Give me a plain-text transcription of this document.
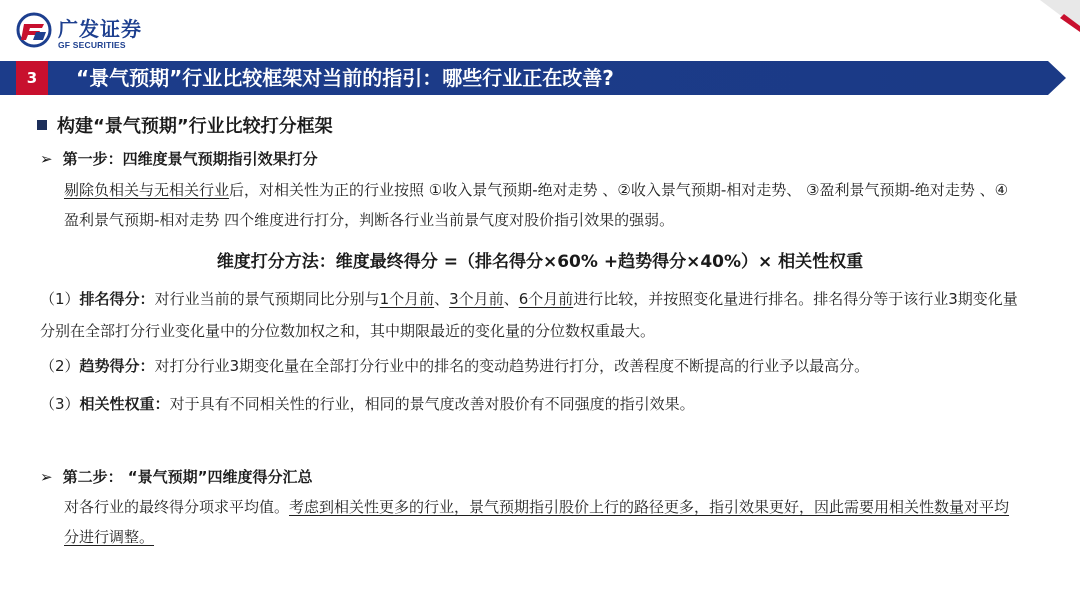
广发证券
GF SECURITIES
3	“景气预期”行业比较框架对当前的指引：哪些行业正在改善?
构建“景气预期”行业比较打分框架
➢ 第一步：四维度景气预期指引效果打分
剔除负相关与无相关行业后，对相关性为正的行业按照 ①收入景气预期-绝对走势 、②收入景气预期-相对走势、 ③盈利景气预期-绝对走势 、④盈利景气预期-相对走势 四个维度进行打分，判断各行业当前景气度对股价指引效果的强弱。
维度打分方法：维度最终得分 =（排名得分×60% +趋势得分×40%）× 相关性权重
（1）排名得分：对行业当前的景气预期同比分别与1个月前、3个月前、6个月前进行比较，并按照变化量进行排名。排名得分等于该行业3期变化量分别在全部打分行业变化量中的分位数加权之和，其中期限最近的变化量的分位数权重最大。
（2）趋势得分：对打分行业3期变化量在全部打分行业中的排名的变动趋势进行打分，改善程度不断提高的行业予以最高分。
（3）相关性权重：对于具有不同相关性的行业，相同的景气度改善对股价有不同强度的指引效果。
➢ 第二步： “景气预期”四维度得分汇总
对各行业的最终得分项求平均值。考虑到相关性更多的行业，景气预期指引股价上行的路径更多，指引效果更好，因此需要用相关性数量对平均分进行调整。
